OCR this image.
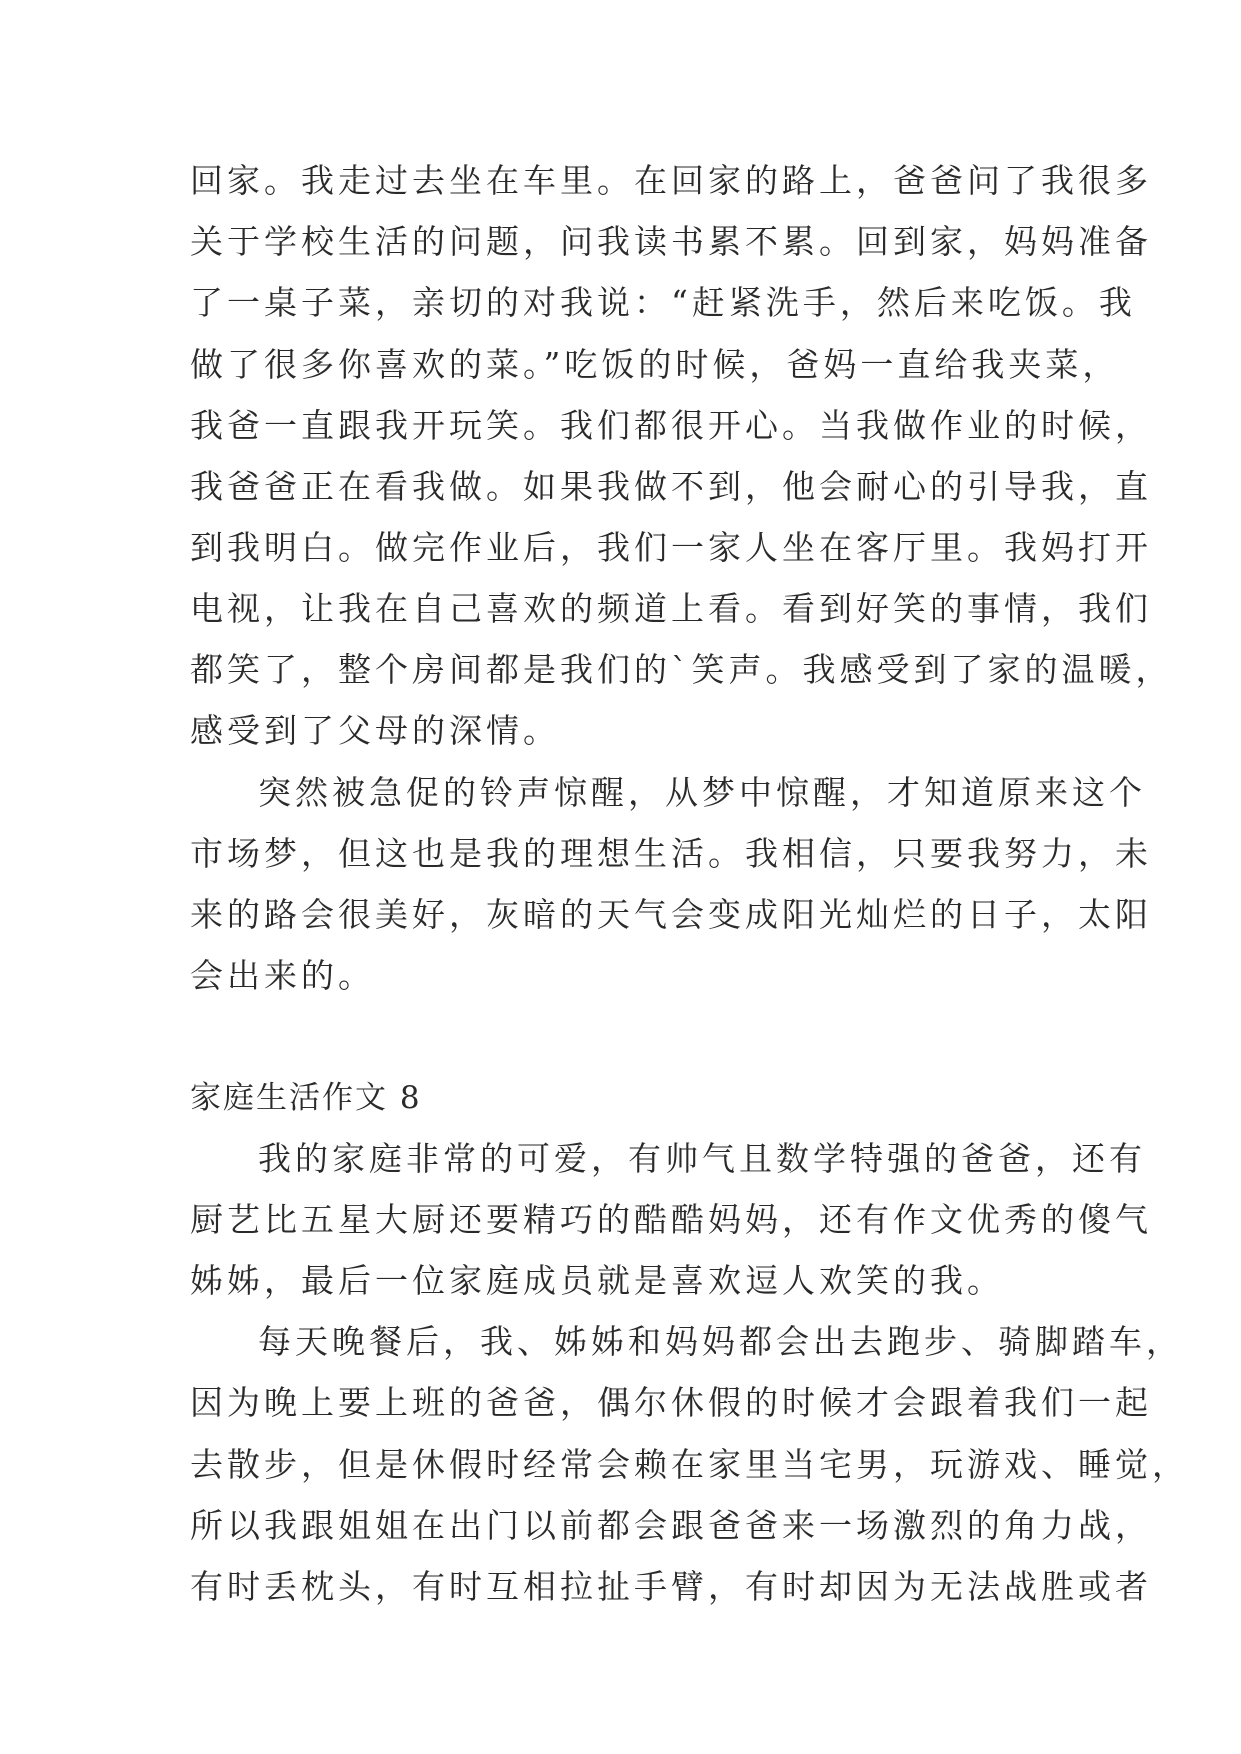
回家。我走过去坐在车里。在回家的路上，爸爸问了我很多
关于学校生活的问题，问我读书累不累。回到家，妈妈准备
了一桌子菜，亲切的对我说：“赶紧洗手，然后来吃饭。我
做了很多你喜欢的菜。”吃饭的时候，爸妈一直给我夹菜，
我爸一直跟我开玩笑。我们都很开心。当我做作业的时候，
我爸爸正在看我做。如果我做不到，他会耐心的引导我，直
到我明白。做完作业后，我们一家人坐在客厅里。我妈打开
电视，让我在自己喜欢的频道上看。看到好笑的事情，我们
都笑了，整个房间都是我们的`笑声。我感受到了家的温暖，
感受到了父母的深情。
突然被急促的铃声惊醒，从梦中惊醒，才知道原来这个
市场梦，但这也是我的理想生活。我相信，只要我努力，未
来的路会很美好，灰暗的天气会变成阳光灿烂的日子，太阳
会出来的。
家庭生活作文 8
我的家庭非常的可爱，有帅气且数学特强的爸爸，还有
厨艺比五星大厨还要精巧的酷酷妈妈，还有作文优秀的傻气
姊姊，最后一位家庭成员就是喜欢逗人欢笑的我。
每天晚餐后，我、姊姊和妈妈都会出去跑步、骑脚踏车，
因为晚上要上班的爸爸，偶尔休假的时候才会跟着我们一起
去散步，但是休假时经常会赖在家里当宅男，玩游戏、睡觉，
所以我跟姐姐在出门以前都会跟爸爸来一场激烈的角力战，
有时丢枕头，有时互相拉扯手臂，有时却因为无法战胜或者
